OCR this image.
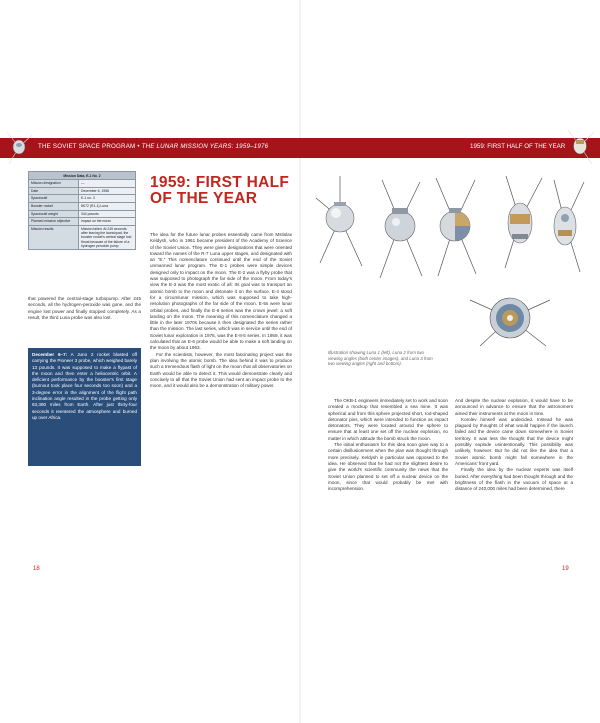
THE SOVIET SPACE PROGRAM • THE LUNAR MISSION YEARS: 1959–1976	1959: FIRST HALF OF THE YEAR
Mission Data, E-1 No. 2	
Mission designation	—
Date	December 6, 1958
Spacecraft	E-1 no. 3
Booster rocket	8K72 (R1-1) Luna
Spacecraft weight	344 pounds
Planned mission objective	Impact on the moon
Mission results	Mission failed. At 245 seconds after leaving the launchpad, the booster rocket's central stage lost thrust because of the failure of a hydrogen peroxide pump
1959: FIRST HALF OF THE YEAR

that powered the central-stage turbopump. After 245 seconds, all the hydrogen-peroxide was gone, and the engine lost power and finally stopped completely. As a result, the third Luna probe was also lost.

December 6–7: A Juno 2 rocket blasted off carrying the Pioneer 3 probe, which weighed barely 13 pounds. It was supposed to make a flypast of the moon and then enter a heliocentric orbit. A deficient performance by the booster's first stage (burnout took place four seconds too soon) and a 3-degree error in the alignment of the flight path inclination angle resulted in the probe getting only 63,380 miles from Earth. After just thirty-four seconds it reentered the atmosphere and burned up over Africa.

The idea for the future lunar probes essentially came from Mstislav Keldysh, who in 1961 became president of the Academy of Science of the Soviet Union. They were given designations that were oriented toward the names of the R-7 Luna upper stages, and designated with an “E.” This nomenclature continued until the end of the Soviet unmanned lunar program. The E-1 probes were simple devices designed only to impact on the moon. The E-2 was a flyby probe that was supposed to photograph the far side of the moon. From today's view the E-3 was the most exotic of all: Its goal was to transport an atomic bomb to the moon and detonate it on the surface. E-4 stood for a circumlunar mission, which was supposed to take high-resolution photographs of the far side of the moon. E-5s were lunar orbital probes, and finally the E-6 series was the crown jewel: a soft landing on the moon. The meaning of this nomenclature changed a little in the later 1970s because it then designated the series rather than the mission. The last series, which was in service until the end of Soviet lunar exploration in 1976, was the E-8-5 series. In 1959, it was calculated that an E-6 probe would be able to make a soft landing on the moon by about 1963.

For the scientists, however, the most fascinating project was the plan involving the atomic bomb. The idea behind it was to produce such a tremendous flash of light on the moon that all observatories on Earth would be able to detect it. This would demonstrate clearly and concisely to all that the Soviet Union had sent an impact probe to the moon, and it would also be a demonstration of military power.

Illustration showing Luna 1 (left), Luna 2 from two viewing angles (both center images), and Luna 3 from two viewing angles (right and bottom).

The OKB-1 engineers immediately set to work and soon created a mockup that resembled a sea mine. It was spherical and from this sphere projected short, rod-shaped detonator pins, which were intended to function as impact detonators. They were located around the sphere to ensure that at least one set off the nuclear explosion, no matter in which attitude the bomb struck the moon.

The initial enthusiasm for this idea soon gave way to a certain disillusionment when the plan was thought through more precisely. Keldysh in particular was opposed to the idea. He observed that he had not the slightest desire to give the world's scientific community the news that the Soviet Union planned to set off a nuclear device on the moon, since that would probably be met with incomprehension.

And despite the nuclear explosion, it would have to be announced in advance to ensure that the astronomers aimed their instruments at the moon in time.

Korolev himself was undecided. Instead he was plagued by thoughts of what would happen if the launch failed and the device came down somewhere in Soviet territory. It was less the thought that the device might possibly explode unintentionally. This possibility was unlikely, however. But he did not like the idea that a Soviet atomic bomb might fall somewhere in the Americans' front yard.

Finally the idea by the nuclear experts was itself buried. After everything had been thought through and the brightness of the flash in the vacuum of space at a distance of 240,000 miles had been determined, there

18	19
